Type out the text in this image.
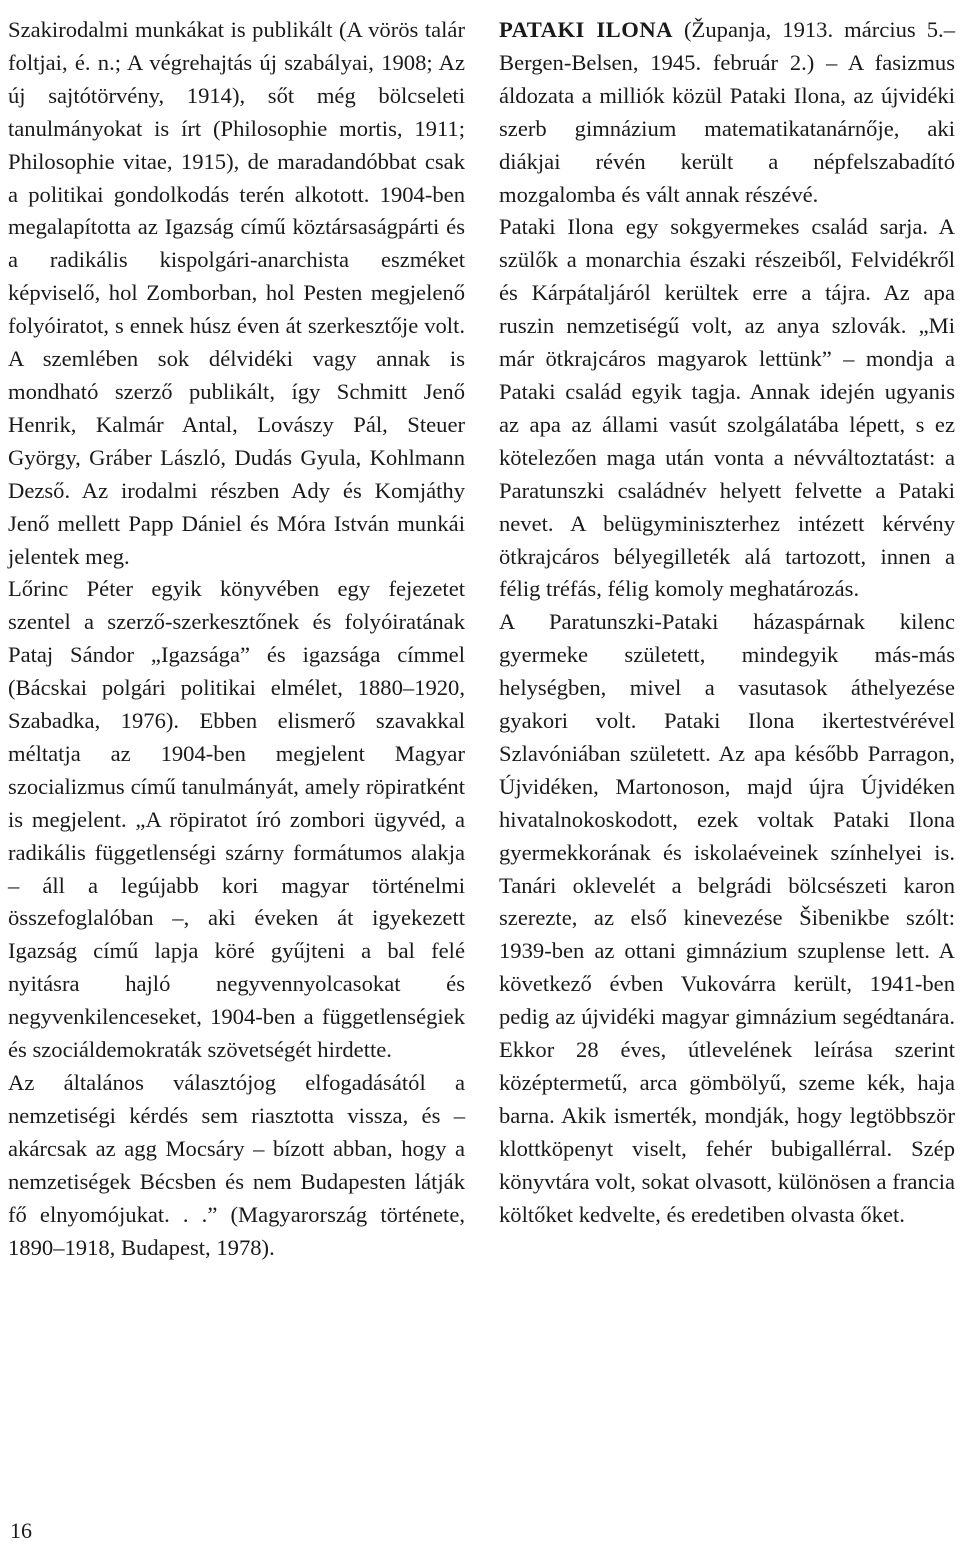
Szakirodalmi munkákat is publikált (A vörös talár foltjai, é. n.; A végrehajtás új szabályai, 1908; Az új sajtótörvény, 1914), sőt még bölcseleti tanulmányokat is írt (Philosophie mortis, 1911; Philosophie vitae, 1915), de maradandóbbat csak a politikai gondolkodás terén alkotott. 1904-ben megalapította az Igazság című köztársaságpárti és a radikális kispolgári-anarchista eszméket képviselő, hol Zomborban, hol Pesten megjelenő folyóiratot, s ennek húsz éven át szerkesztője volt. A szemlében sok délvidéki vagy annak is mondható szerző publikált, így Schmitt Jenő Henrik, Kalmár Antal, Lovászy Pál, Steuer György, Gráber László, Dudás Gyula, Kohlmann Dezső. Az irodalmi részben Ady és Komjáthy Jenő mellett Papp Dániel és Móra István munkái jelentek meg.

Lőrinc Péter egyik könyvében egy fejezetet szentel a szerző-szerkesztőnek és folyóiratának Pataj Sándor „Igazsága” és igazsága címmel (Bácskai polgári politikai elmélet, 1880–1920, Szabadka, 1976). Ebben elismerő szavakkal méltatja az 1904-ben megjelent Magyar szocializmus című tanulmányát, amely röpiratként is megjelent. „A röpiratot író zombori ügyvéd, a radikális függetlenségi szárny formátumos alakja – áll a legújabb kori magyar történelmi összefoglalóban –, aki éveken át igyekezett Igazság című lapja köré gyűjteni a bal felé nyitásra hajló negyvennyolcasokat és negyvenkilenceseket, 1904-ben a függetlenségiek és szociáldemokraták szövetségét hirdette.

Az általános választójog elfogadásától a nemzetiségi kérdés sem riasztotta vissza, és – akárcsak az agg Mocsáry – bízott abban, hogy a nemzetiségek Bécsben és nem Budapesten látják fő elnyomójukat. . .” (Magyarország története, 1890–1918, Budapest, 1978).

PATAKI ILONA (Županja, 1913. március 5.–Bergen-Belsen, 1945. február 2.) – A fasizmus áldozata a milliók közül Pataki Ilona, az újvidéki szerb gimnázium matematikatanárnője, aki diákjai révén került a népfelszabadító mozgalomba és vált annak részévé.

Pataki Ilona egy sokgyermekes család sarja. A szülők a monarchia északi részeiből, Felvidékről és Kárpátaljáról kerültek erre a tájra. Az apa ruszin nemzetiségű volt, az anya szlovák. „Mi már ötkrajcáros magyarok lettünk” – mondja a Pataki család egyik tagja. Annak idején ugyanis az apa az állami vasút szolgálatába lépett, s ez kötelezően maga után vonta a névváltoztatást: a Paratunszki családnév helyett felvette a Pataki nevet. A belügyminiszterhez intézett kérvény ötkrajcáros bélyegilleték alá tartozott, innen a félig tréfás, félig komoly meghatározás.

A Paratunszki-Pataki házaspárnak kilenc gyermeke született, mindegyik más-más helységben, mivel a vasutasok áthelyezése gyakori volt. Pataki Ilona ikertestvérével Szlavóniában született. Az apa később Parragon, Újvidéken, Martonoson, majd újra Újvidéken hivatalnokoskodott, ezek voltak Pataki Ilona gyermekkorának és iskolaéveinek színhelyei is. Tanári oklevelét a belgrádi bölcsészeti karon szerezte, az első kinevezése Šibenikbe szólt: 1939-ben az ottani gimnázium szuplense lett. A következő évben Vukovárra került, 1941-ben pedig az újvidéki magyar gimnázium segédtanára. Ekkor 28 éves, útlevelének leírása szerint középtermetű, arca gömbölyű, szeme kék, haja barna. Akik ismerték, mondják, hogy legtöbbször klottköpenyt viselt, fehér bubigallérral. Szép könyvtára volt, sokat olvasott, különösen a francia költőket kedvelte, és eredetiben olvasta őket.

16
